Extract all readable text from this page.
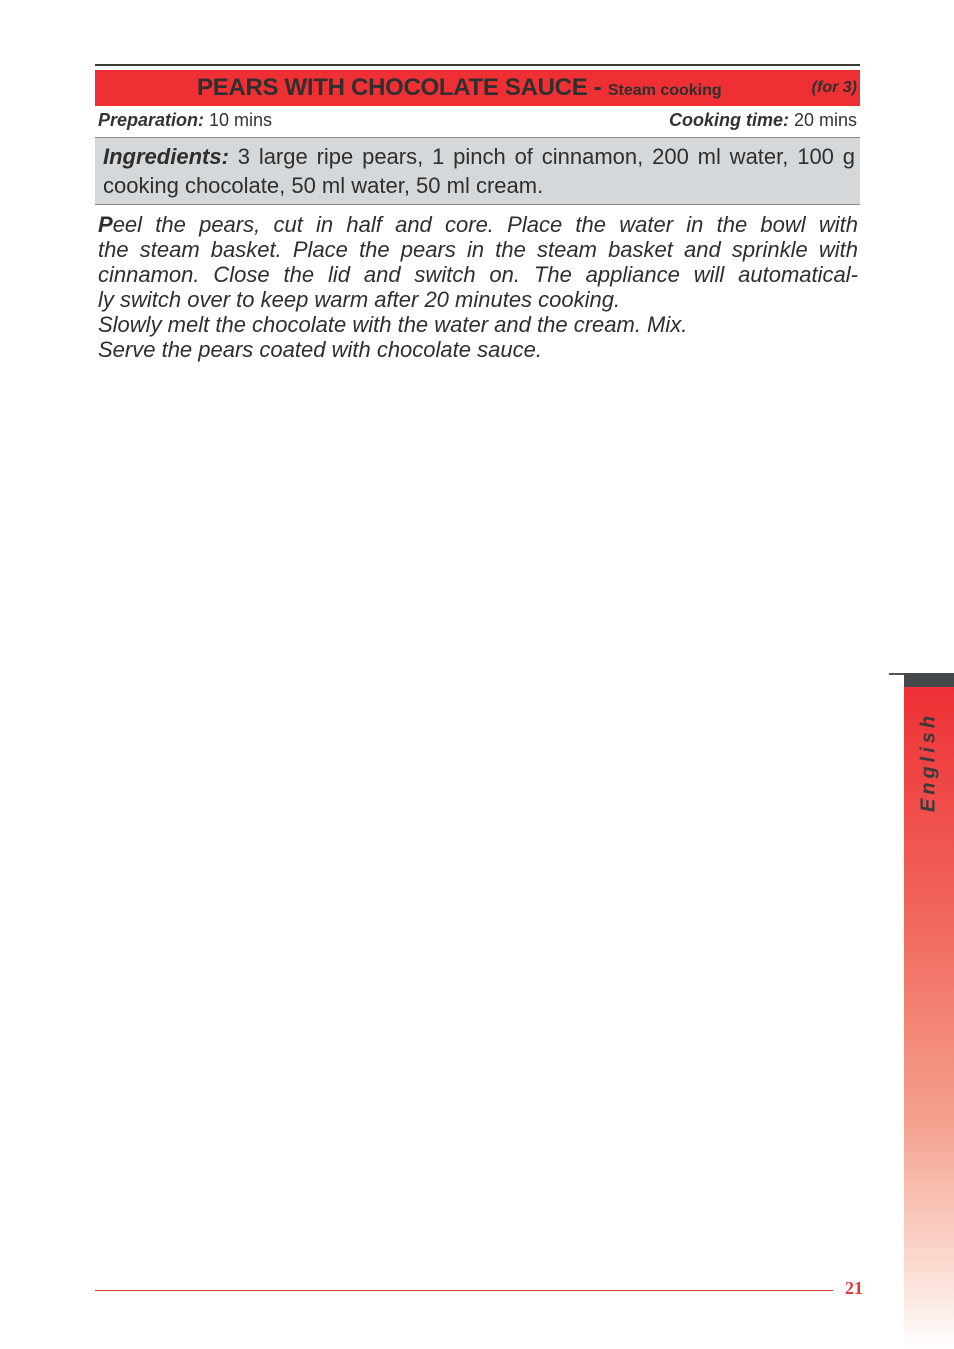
PEARS WITH CHOCOLATE SAUCE - Steam cooking	(for 3)
Preparation: 10 mins	Cooking time: 20 mins
Ingredients: 3 large ripe pears, 1 pinch of cinnamon, 200 ml water, 100 g cooking chocolate, 50 ml water, 50 ml cream.

Peel the pears, cut in half and core. Place the water in the bowl with

the steam basket. Place the pears in the steam basket and sprinkle with

cinnamon. Close the lid and switch on. The appliance will automatical-

ly switch over to keep warm after 20 minutes cooking.

Slowly melt the chocolate with the water and the cream. Mix.

Serve the pears coated with chocolate sauce.

English
21
